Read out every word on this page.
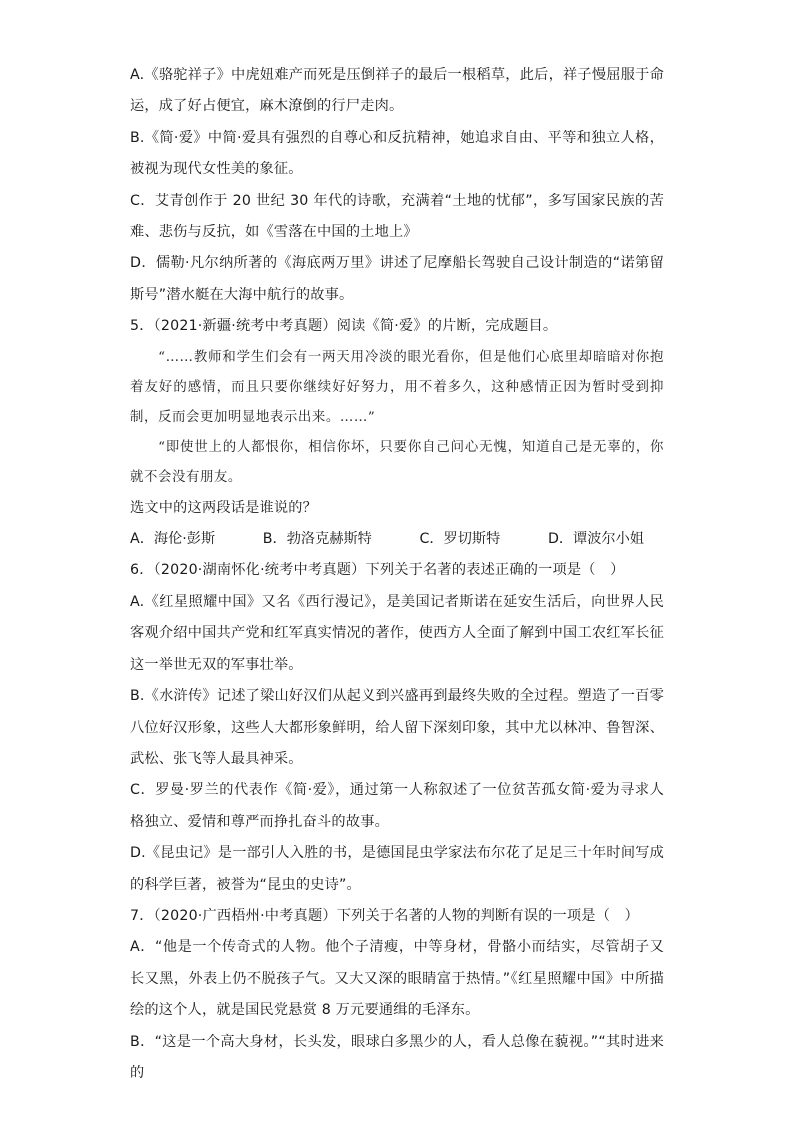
A.《骆驼祥子》中虎妞难产而死是压倒祥子的最后一根稻草，此后，祥子慢屈服于命运，成了好占便宜，麻木潦倒的行尸走肉。

B.《简·爱》中简·爱具有强烈的自尊心和反抗精神，她追求自由、平等和独立人格，被视为现代女性美的象征。

C．艾青创作于 20 世纪 30 年代的诗歌，充满着“土地的忧郁”，多写国家民族的苦难、悲伤与反抗，如《雪落在中国的土地上》

D．儒勒·凡尔纳所著的《海底两万里》讲述了尼摩船长驾驶自己设计制造的“诺第留斯号”潜水艇在大海中航行的故事。

5．（2021·新疆·统考中考真题）阅读《简·爱》的片断，完成题目。

“……教师和学生们会有一两天用冷淡的眼光看你，但是他们心底里却暗暗对你抱着友好的感情，而且只要你继续好好努力，用不着多久，这种感情正因为暂时受到抑制，反而会更加明显地表示出来。……”

“即使世上的人都恨你，相信你坏，只要你自己问心无愧，知道自己是无辜的，你就不会没有朋友。

选文中的这两段话是谁说的？

A．海伦·彭斯	B．勃洛克赫斯特	C．罗切斯特	D．谭波尔小姐

6．（2020·湖南怀化·统考中考真题）下列关于名著的表述正确的一项是（　）

A.《红星照耀中国》又名《西行漫记》，是美国记者斯诺在延安生活后，向世界人民客观介绍中国共产党和红军真实情况的著作，使西方人全面了解到中国工农红军长征这一举世无双的军事壮举。

B.《水浒传》记述了梁山好汉们从起义到兴盛再到最终失败的全过程。塑造了一百零八位好汉形象，这些人大都形象鲜明，给人留下深刻印象，其中尤以林冲、鲁智深、武松、张飞等人最具神采。

C．罗曼·罗兰的代表作《简·爱》，通过第一人称叙述了一位贫苦孤女简·爱为寻求人格独立、爱情和尊严而挣扎奋斗的故事。

D.《昆虫记》是一部引人入胜的书，是德国昆虫学家法布尔花了足足三十年时间写成的科学巨著，被誉为“昆虫的史诗”。

7．（2020·广西梧州·中考真题）下列关于名著的人物的判断有误的一项是（　）

A．“他是一个传奇式的人物。他个子清瘦，中等身材，骨骼小而结实，尽管胡子又长又黑，外表上仍不脱孩子气。又大又深的眼睛富于热情。”《红星照耀中国》中所描绘的这个人，就是国民党悬赏 8 万元要通缉的毛泽东。

B．“这是一个高大身材，长头发，眼球白多黑少的人，看人总像在藐视。”“其时进来的
